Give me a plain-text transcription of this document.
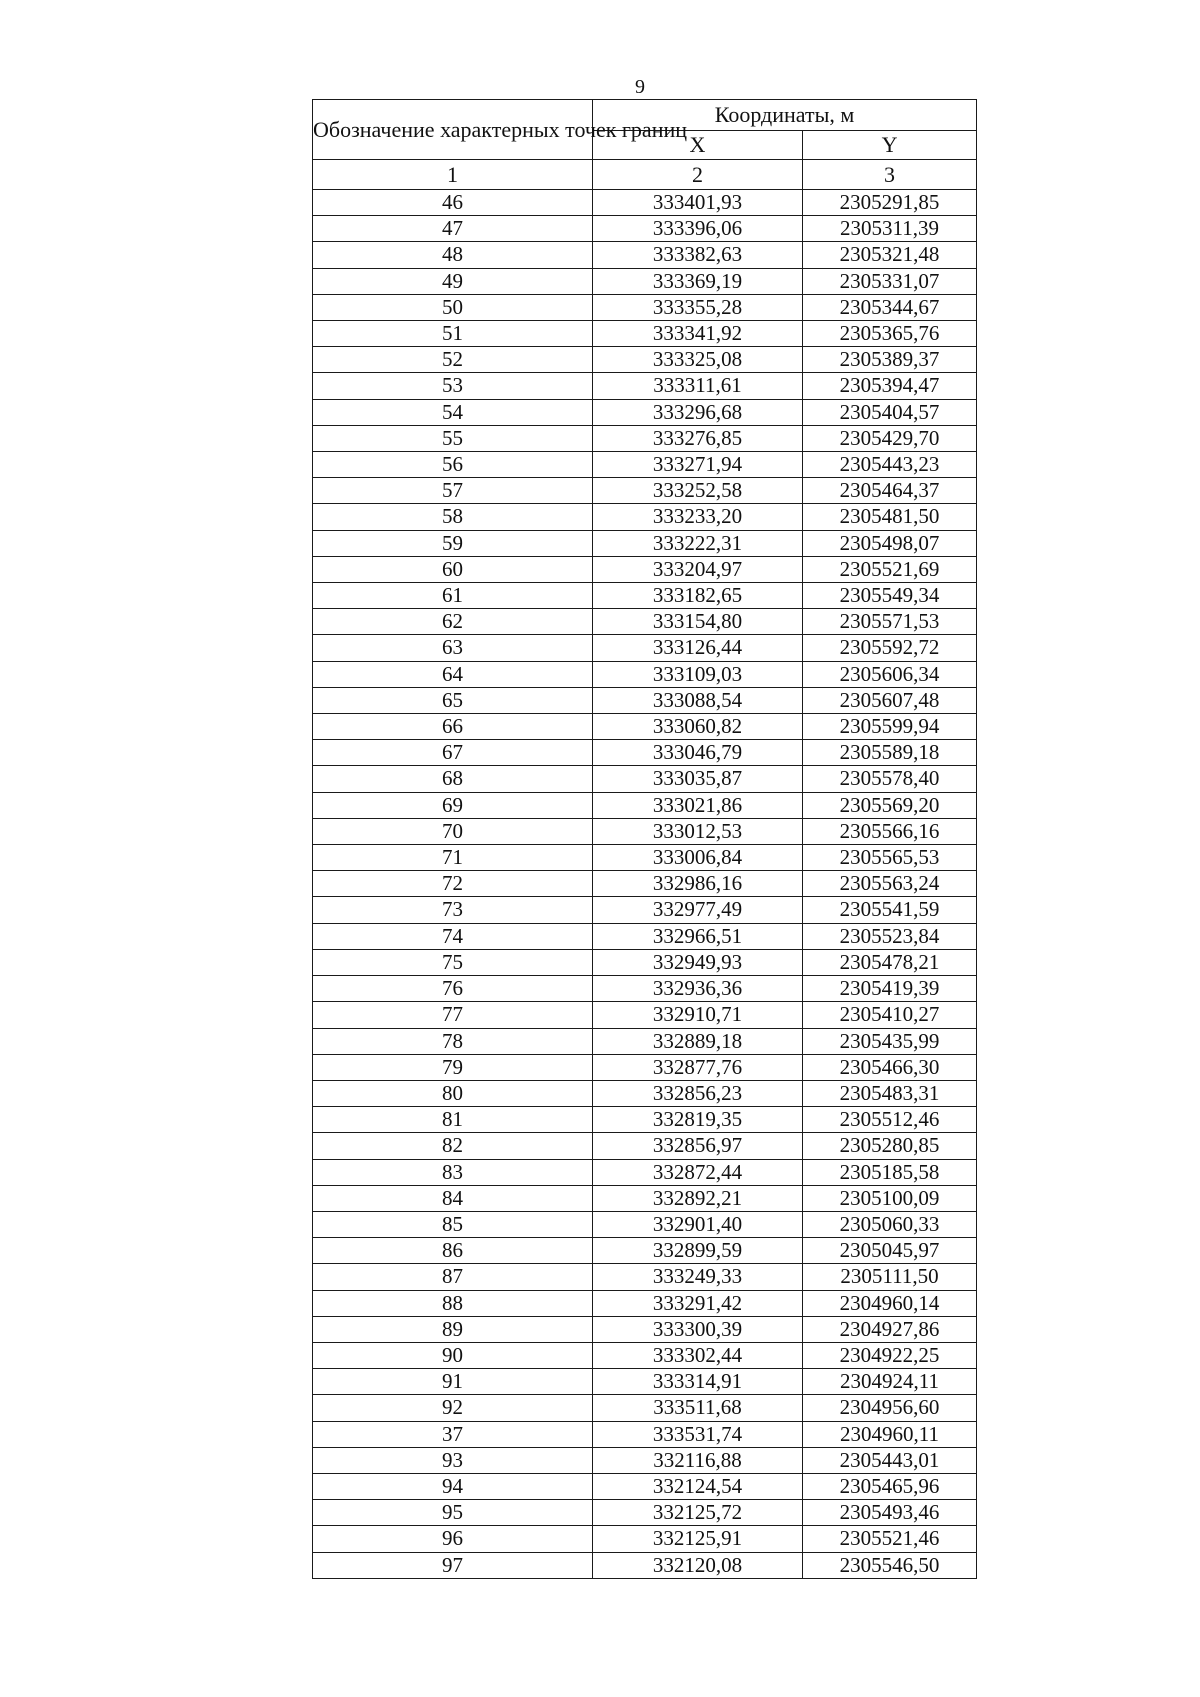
9
Обозначение характерных точек границ	Координаты, м	
	X	Y
1	2	3
46	333401,93	2305291,85
47	333396,06	2305311,39
48	333382,63	2305321,48
49	333369,19	2305331,07
50	333355,28	2305344,67
51	333341,92	2305365,76
52	333325,08	2305389,37
53	333311,61	2305394,47
54	333296,68	2305404,57
55	333276,85	2305429,70
56	333271,94	2305443,23
57	333252,58	2305464,37
58	333233,20	2305481,50
59	333222,31	2305498,07
60	333204,97	2305521,69
61	333182,65	2305549,34
62	333154,80	2305571,53
63	333126,44	2305592,72
64	333109,03	2305606,34
65	333088,54	2305607,48
66	333060,82	2305599,94
67	333046,79	2305589,18
68	333035,87	2305578,40
69	333021,86	2305569,20
70	333012,53	2305566,16
71	333006,84	2305565,53
72	332986,16	2305563,24
73	332977,49	2305541,59
74	332966,51	2305523,84
75	332949,93	2305478,21
76	332936,36	2305419,39
77	332910,71	2305410,27
78	332889,18	2305435,99
79	332877,76	2305466,30
80	332856,23	2305483,31
81	332819,35	2305512,46
82	332856,97	2305280,85
83	332872,44	2305185,58
84	332892,21	2305100,09
85	332901,40	2305060,33
86	332899,59	2305045,97
87	333249,33	2305111,50
88	333291,42	2304960,14
89	333300,39	2304927,86
90	333302,44	2304922,25
91	333314,91	2304924,11
92	333511,68	2304956,60
37	333531,74	2304960,11
93	332116,88	2305443,01
94	332124,54	2305465,96
95	332125,72	2305493,46
96	332125,91	2305521,46
97	332120,08	2305546,50
